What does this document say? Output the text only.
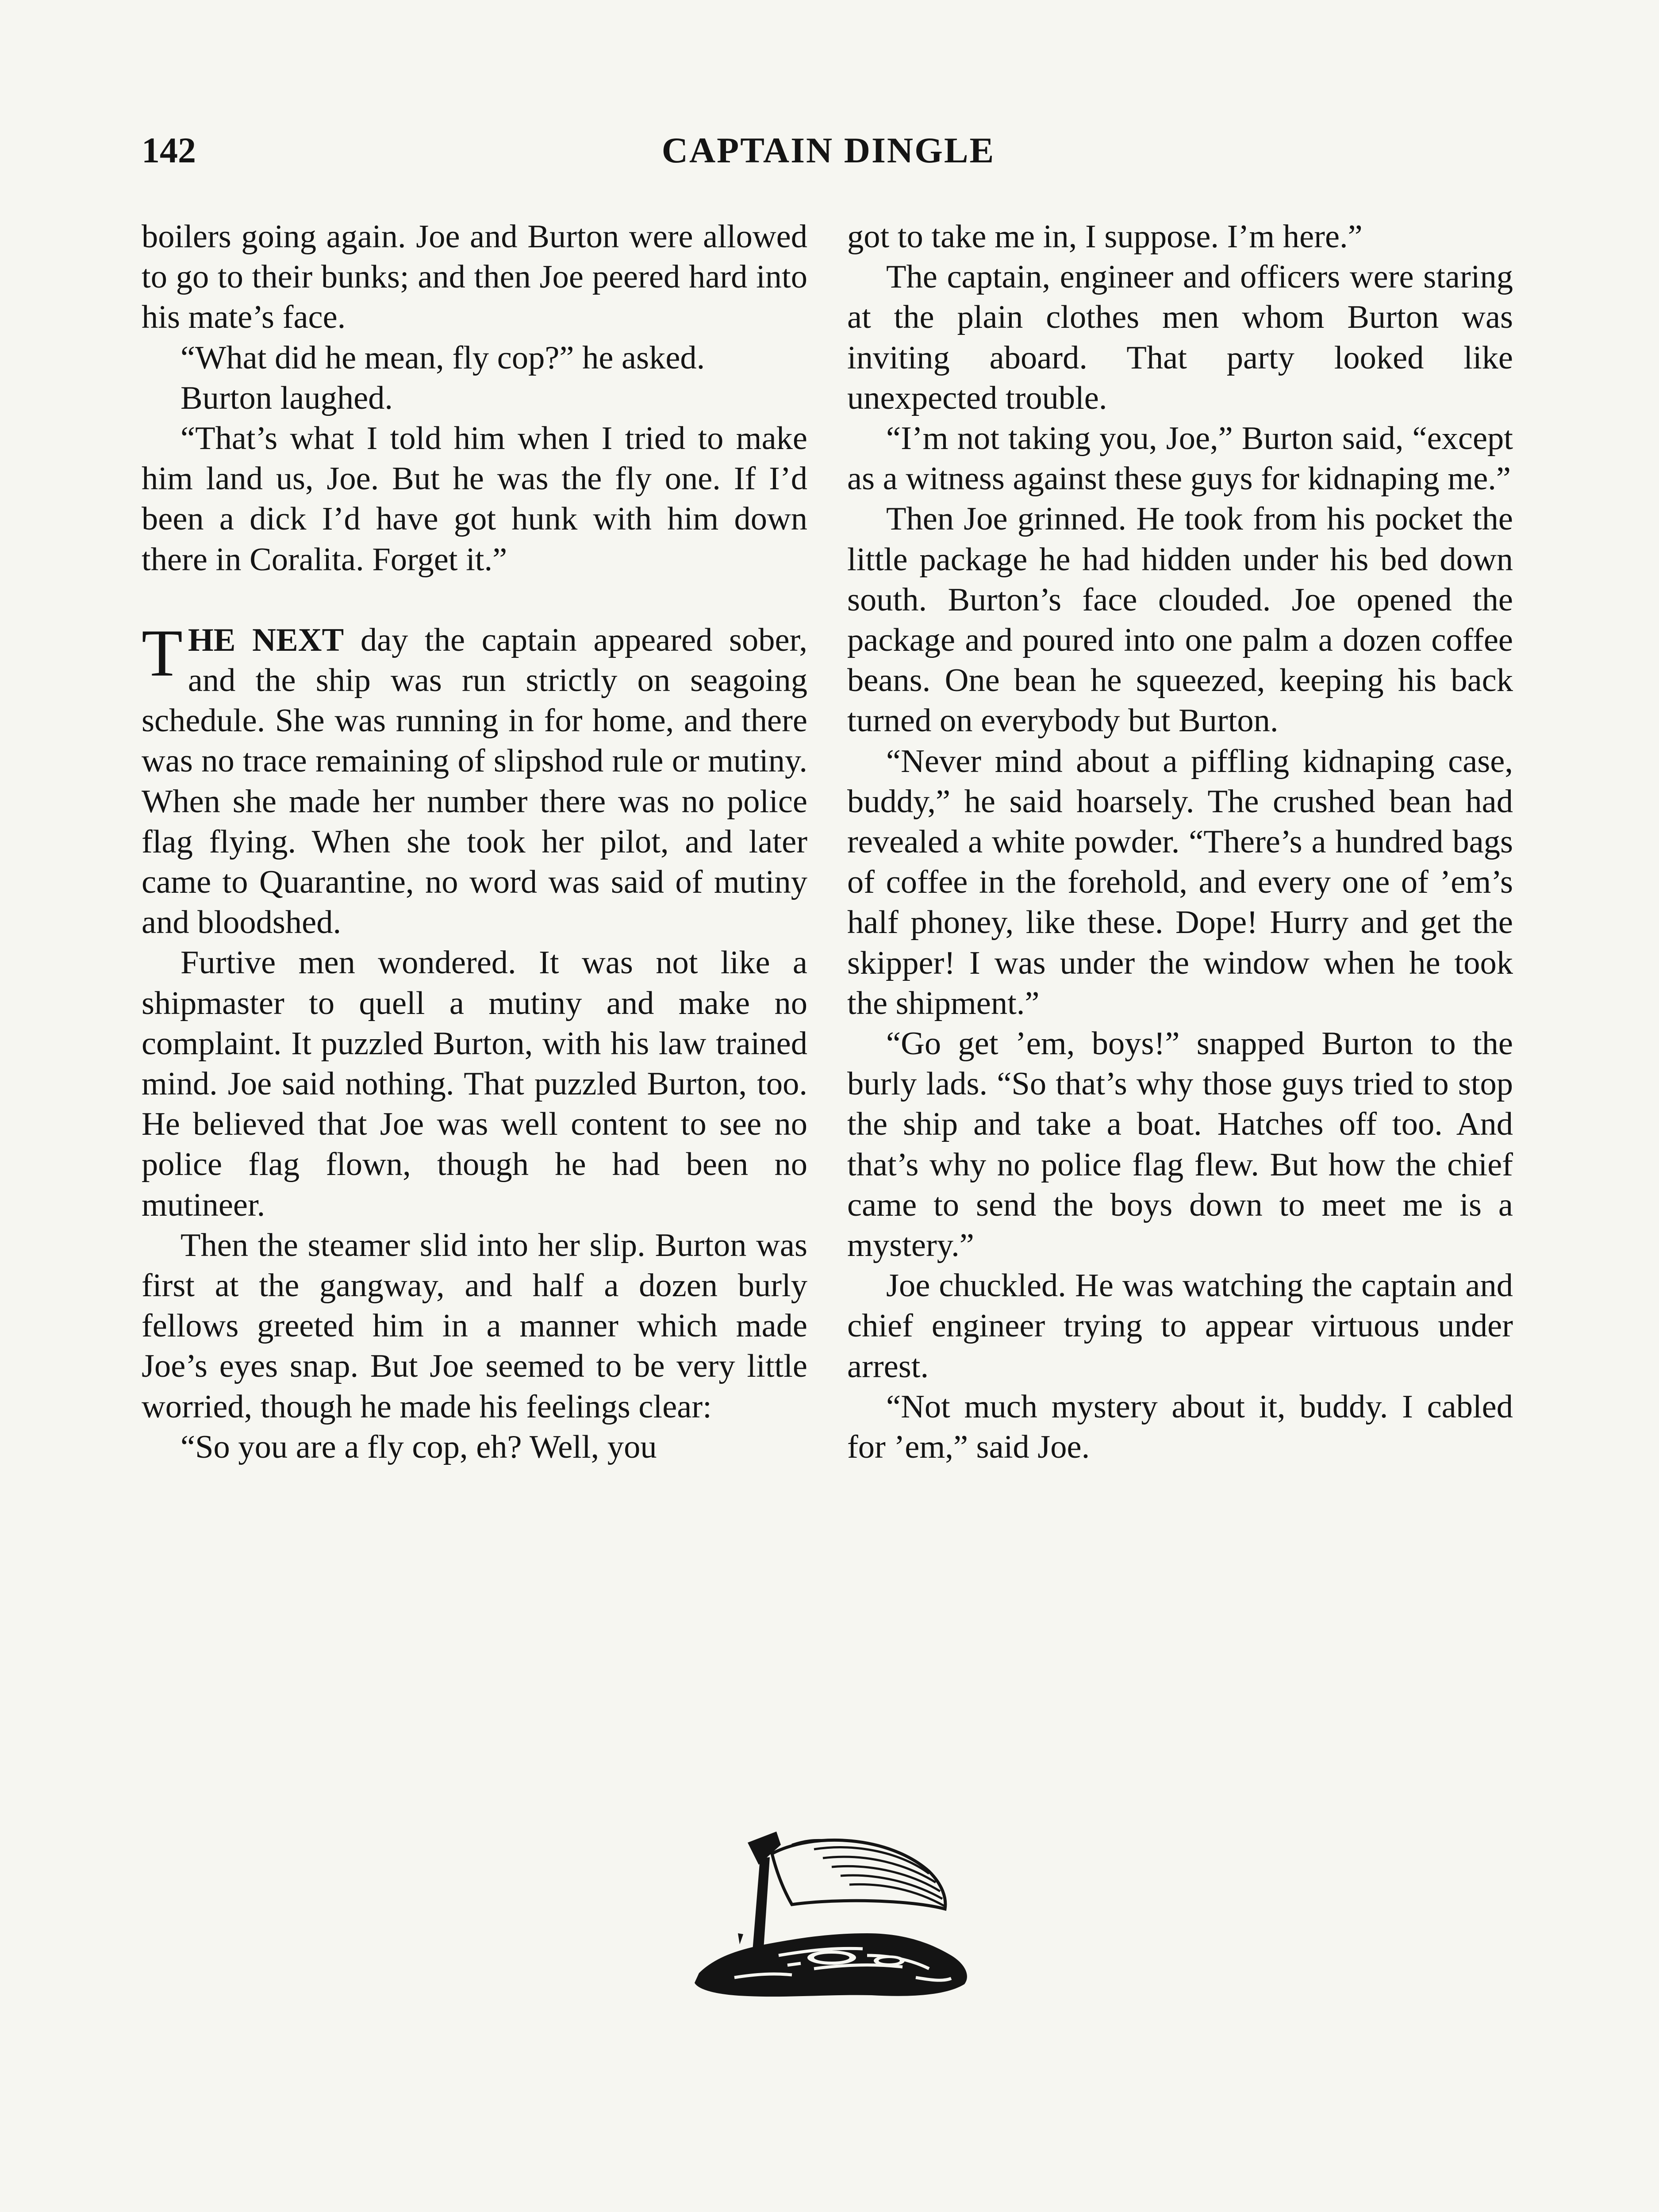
142	CAPTAIN DINGLE

boilers going again. Joe and Burton were allowed to go to their bunks; and then Joe peered hard into his mate’s face.

“What did he mean, fly cop?” he asked.

Burton laughed.

“That’s what I told him when I tried to make him land us, Joe. But he was the fly one. If I’d been a dick I’d have got hunk with him down there in Coralita. Forget it.”

THE NEXT day the captain appeared sober, and the ship was run strictly on seagoing schedule. She was running in for home, and there was no trace remaining of slipshod rule or mutiny. When she made her number there was no police flag flying. When she took her pilot, and later came to Quarantine, no word was said of mutiny and bloodshed.

Furtive men wondered. It was not like a shipmaster to quell a mutiny and make no complaint. It puzzled Burton, with his law trained mind. Joe said nothing. That puzzled Burton, too. He believed that Joe was well content to see no police flag flown, though he had been no mutineer.

Then the steamer slid into her slip. Burton was first at the gangway, and half a dozen burly fellows greeted him in a manner which made Joe’s eyes snap. But Joe seemed to be very little worried, though he made his feelings clear:

“So you are a fly cop, eh? Well, you

got to take me in, I suppose. I’m here.”

The captain, engineer and officers were staring at the plain clothes men whom Burton was inviting aboard. That party looked like unexpected trouble.

“I’m not taking you, Joe,” Burton said, “except as a witness against these guys for kidnaping me.”

Then Joe grinned. He took from his pocket the little package he had hidden under his bed down south. Burton’s face clouded. Joe opened the package and poured into one palm a dozen coffee beans. One bean he squeezed, keeping his back turned on everybody but Burton.

“Never mind about a piffling kidnaping case, buddy,” he said hoarsely. The crushed bean had revealed a white powder. “There’s a hundred bags of coffee in the forehold, and every one of ’em’s half phoney, like these. Dope! Hurry and get the skipper! I was under the window when he took the shipment.”

“Go get ’em, boys!” snapped Burton to the burly lads. “So that’s why those guys tried to stop the ship and take a boat. Hatches off too. And that’s why no police flag flew. But how the chief came to send the boys down to meet me is a mystery.”

Joe chuckled. He was watching the captain and chief engineer trying to appear virtuous under arrest.

“Not much mystery about it, buddy. I cabled for ’em,” said Joe.
